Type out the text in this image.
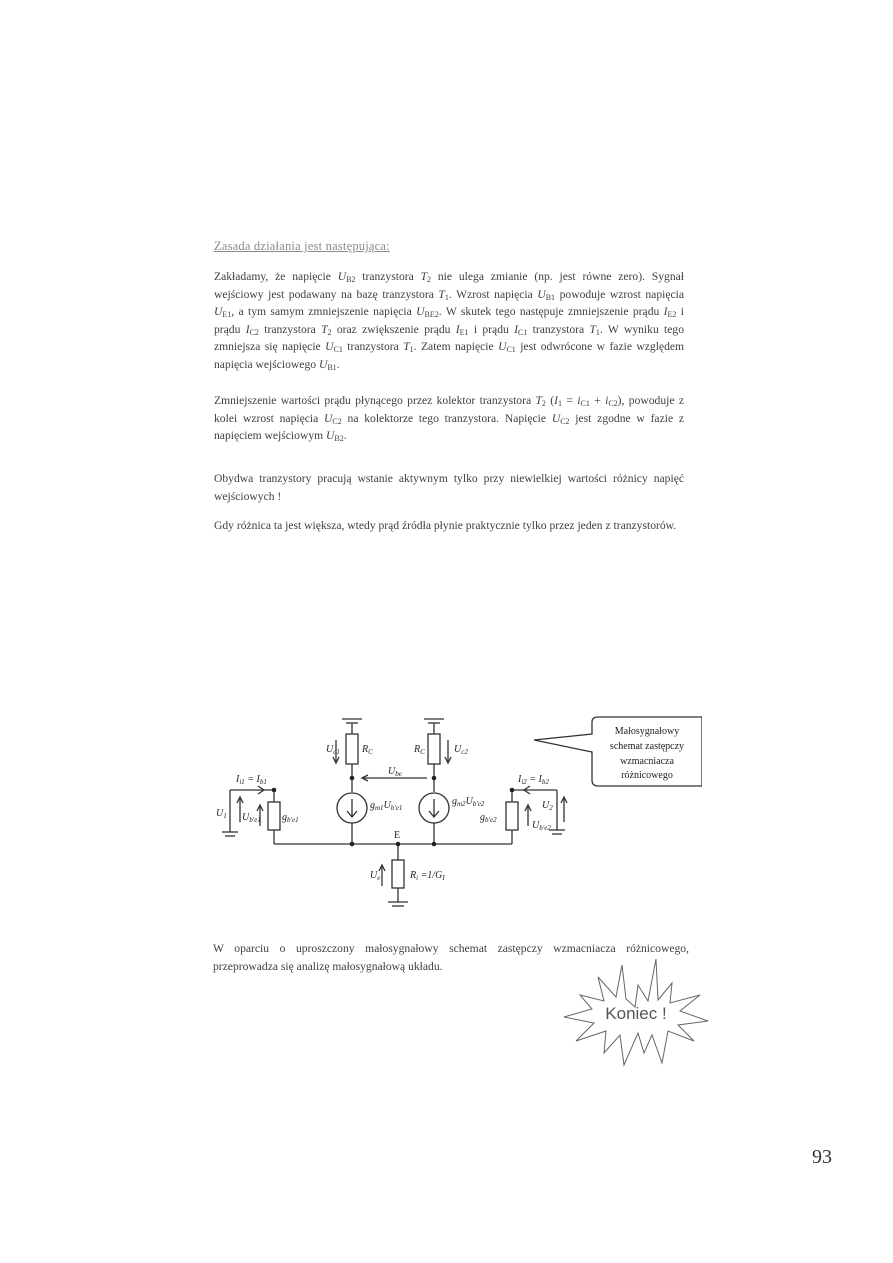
Zasada działania jest następująca:
Zakładamy, że napięcie $U_{B2}$ tranzystora $T_2$ nie ulega zmianie (np. jest równe zero). Sygnał wejściowy jest podawany na bazę tranzystora $T_1$. Wzrost napięcia $U_{B1}$ powoduje wzrost napięcia $U_{E1}$, a tym samym zmniejszenie napięcia $U_{BE2}$. W skutek tego następuje zmniejszenie prądu $I_{E2}$ i prądu $I_{C2}$ tranzystora $T_2$ oraz zwiększenie prądu $I_{E1}$ i prądu $I_{C1}$ tranzystora $T_1$. W wyniku tego zmniejsza się napięcie $U_{C1}$ tranzystora $T_1$. Zatem napięcie $U_{C1}$ jest odwrócone w fazie względem napięcia wejściowego $U_{B1}$.
Zmniejszenie wartości prądu płynącego przez kolektor tranzystora $T_2$ $(I_1 = i_{C1} + i_{C2})$, powoduje z kolei wzrost napięcia $U_{C2}$ na kolektorze tego tranzystora. Napięcie $U_{C2}$ jest zgodne w fazie z napięciem wejściowym $U_{B2}$.
Obydwa tranzystory pracują wstanie aktywnym tylko przy niewielkiej wartości różnicy napięć wejściowych !
Gdy różnica ta jest większa, wtedy prąd źródła płynie praktycznie tylko przez jeden z tranzystorów.
$U_{c1}$ $R_C$	$R_C$	$U_{c2}$
$U_{be}$
$I_{i1} = I_{b1}$	$I_{i2} = I_{b2}$
$U_1$ $U_{b'e1}$ $g_{b'e1}$
$g_{m1}U_{b'e1}$
$g_{m2}U_{b'e2}$
$g_{b'e2}$
$U_2$
$U_{b'e2}$
$U_e$	$R_i =1/G_I$
E
Małosygnałowy
schemat zastępczy
wzmacniacza
różnicowego
W oparciu o uproszczony małosygnałowy schemat zastępczy wzmacniacza różnicowego, przeprowadza się analizę małosygnałową układu.
Koniec !
93
